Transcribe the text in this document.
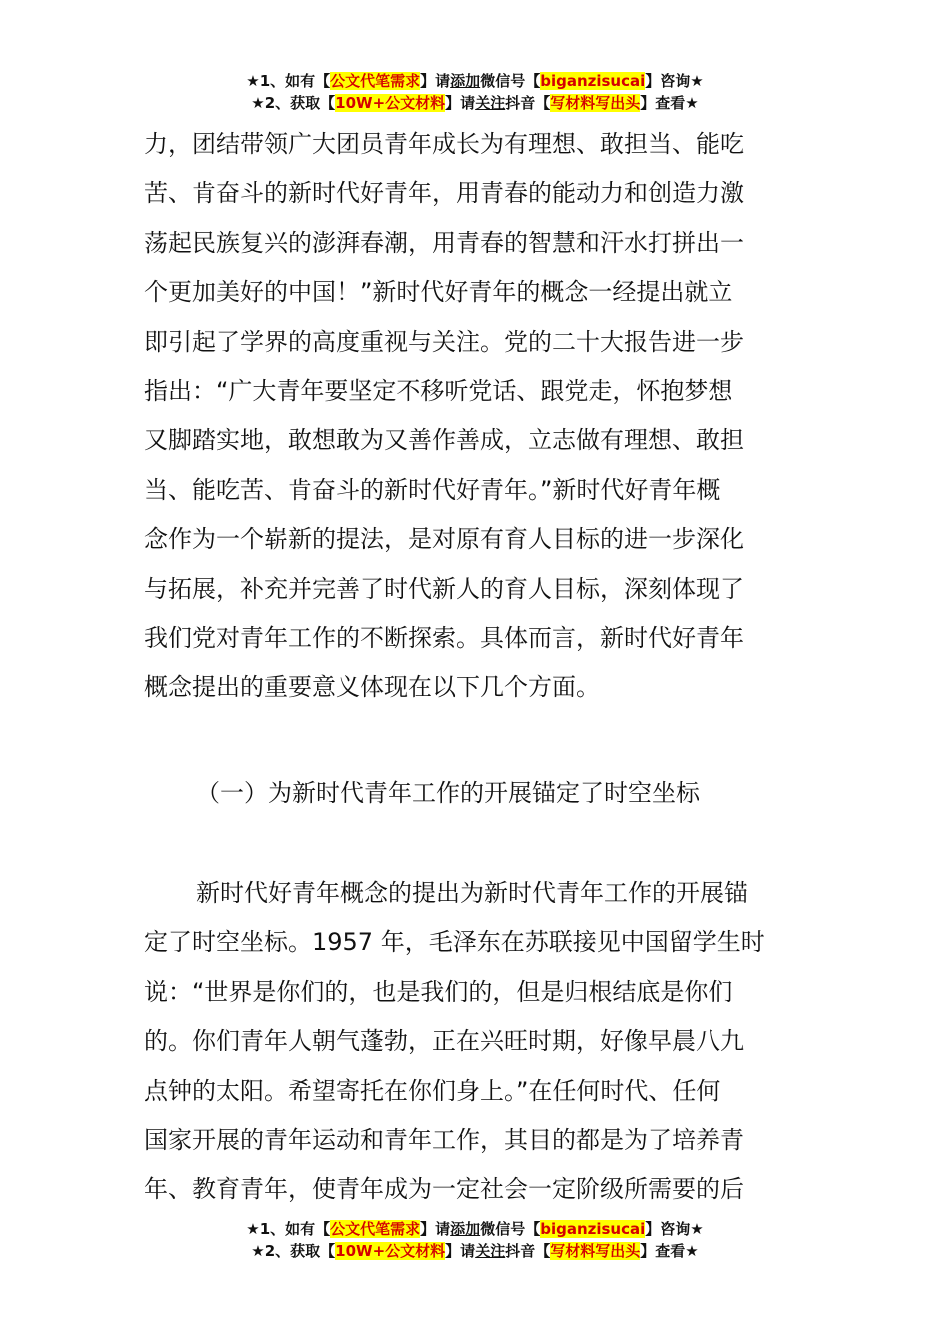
★1、如有【公文代笔需求】请添加微信号【biganzisucai】咨询★
★2、获取【10W+公文材料】请关注抖音【写材料写出头】查看★
力，团结带领广大团员青年成长为有理想、敢担当、能吃
苦、肯奋斗的新时代好青年，用青春的能动力和创造力激
荡起民族复兴的澎湃春潮，用青春的智慧和汗水打拼出一
个更加美好的中国！”新时代好青年的概念一经提出就立
即引起了学界的高度重视与关注。党的二十大报告进一步
指出：“广大青年要坚定不移听党话、跟党走，怀抱梦想
又脚踏实地，敢想敢为又善作善成，立志做有理想、敢担
当、能吃苦、肯奋斗的新时代好青年。”新时代好青年概
念作为一个崭新的提法，是对原有育人目标的进一步深化
与拓展，补充并完善了时代新人的育人目标，深刻体现了
我们党对青年工作的不断探索。具体而言，新时代好青年
概念提出的重要意义体现在以下几个方面。
（一）为新时代青年工作的开展锚定了时空坐标
新时代好青年概念的提出为新时代青年工作的开展锚
定了时空坐标。1957 年，毛泽东在苏联接见中国留学生时
说：“世界是你们的，也是我们的，但是归根结底是你们
的。你们青年人朝气蓬勃，正在兴旺时期，好像早晨八九
点钟的太阳。希望寄托在你们身上。”在任何时代、任何
国家开展的青年运动和青年工作，其目的都是为了培养青
年、教育青年，使青年成为一定社会一定阶级所需要的后
★1、如有【公文代笔需求】请添加微信号【biganzisucai】咨询★
★2、获取【10W+公文材料】请关注抖音【写材料写出头】查看★
